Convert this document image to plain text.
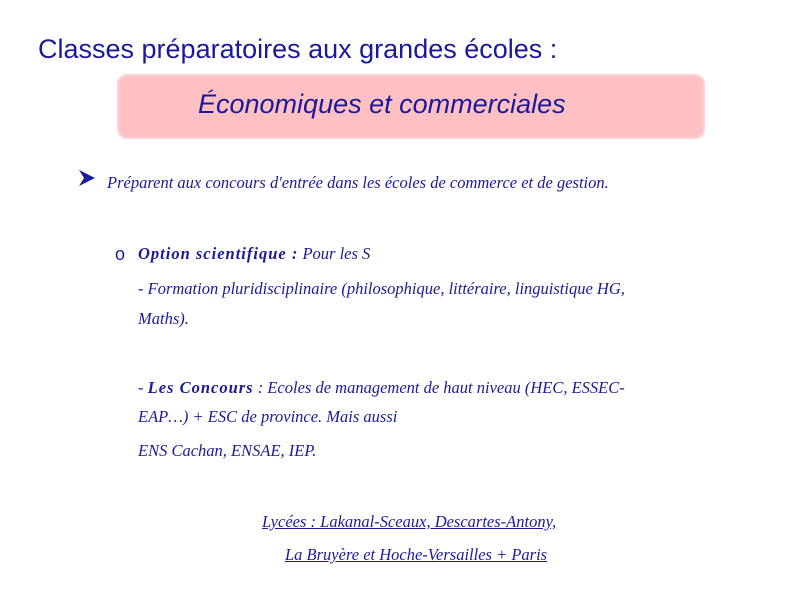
Classes préparatoires aux grandes écoles :
Économiques et commerciales
Préparent aux concours d'entrée dans les écoles de commerce et de gestion.
o Option scientifique : Pour les S
- Formation pluridisciplinaire (philosophique, littéraire, linguistique HG,
Maths).
- Les Concours : Ecoles de management de haut niveau (HEC, ESSEC-
EAP…) + ESC de province. Mais aussi
ENS Cachan, ENSAE, IEP.
Lycées : Lakanal-Sceaux, Descartes-Antony,
La Bruyère et Hoche-Versailles + Paris
